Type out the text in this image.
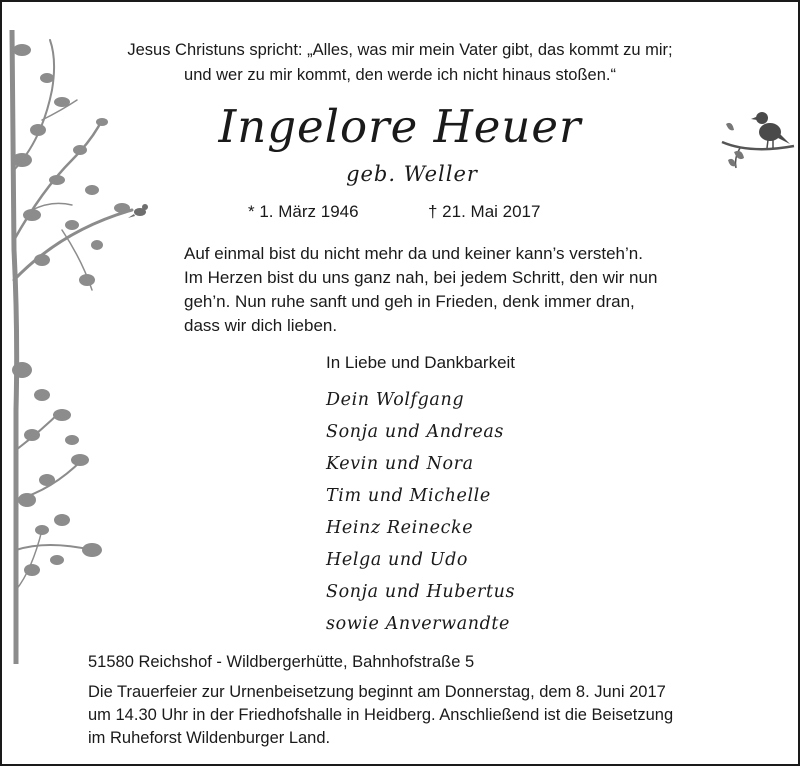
Jesus Christuns spricht: „Alles, was mir mein Vater gibt, das kommt zu mir;
und wer zu mir kommt, den werde ich nicht hinaus stoßen.“
Ingelore Heuer
geb. Weller
* 1. März 1946	† 21. Mai 2017
Auf einmal bist du nicht mehr da und keiner kann’s versteh’n.
Im Herzen bist du uns ganz nah, bei jedem Schritt, den wir nun
geh’n. Nun ruhe sanft und geh in Frieden, denk immer dran,
dass wir dich lieben.
In Liebe und Dankbarkeit
Dein Wolfgang
Sonja und Andreas
Kevin und Nora
Tim und Michelle
Heinz Reinecke
Helga und Udo
Sonja und Hubertus
sowie Anverwandte
51580 Reichshof - Wildbergerhütte, Bahnhofstraße 5
Die Trauerfeier zur Urnenbeisetzung beginnt am Donnerstag, dem 8. Juni 2017
um 14.30 Uhr in der Friedhofshalle in Heidberg. Anschließend ist die Beisetzung
im Ruheforst Wildenburger Land.
